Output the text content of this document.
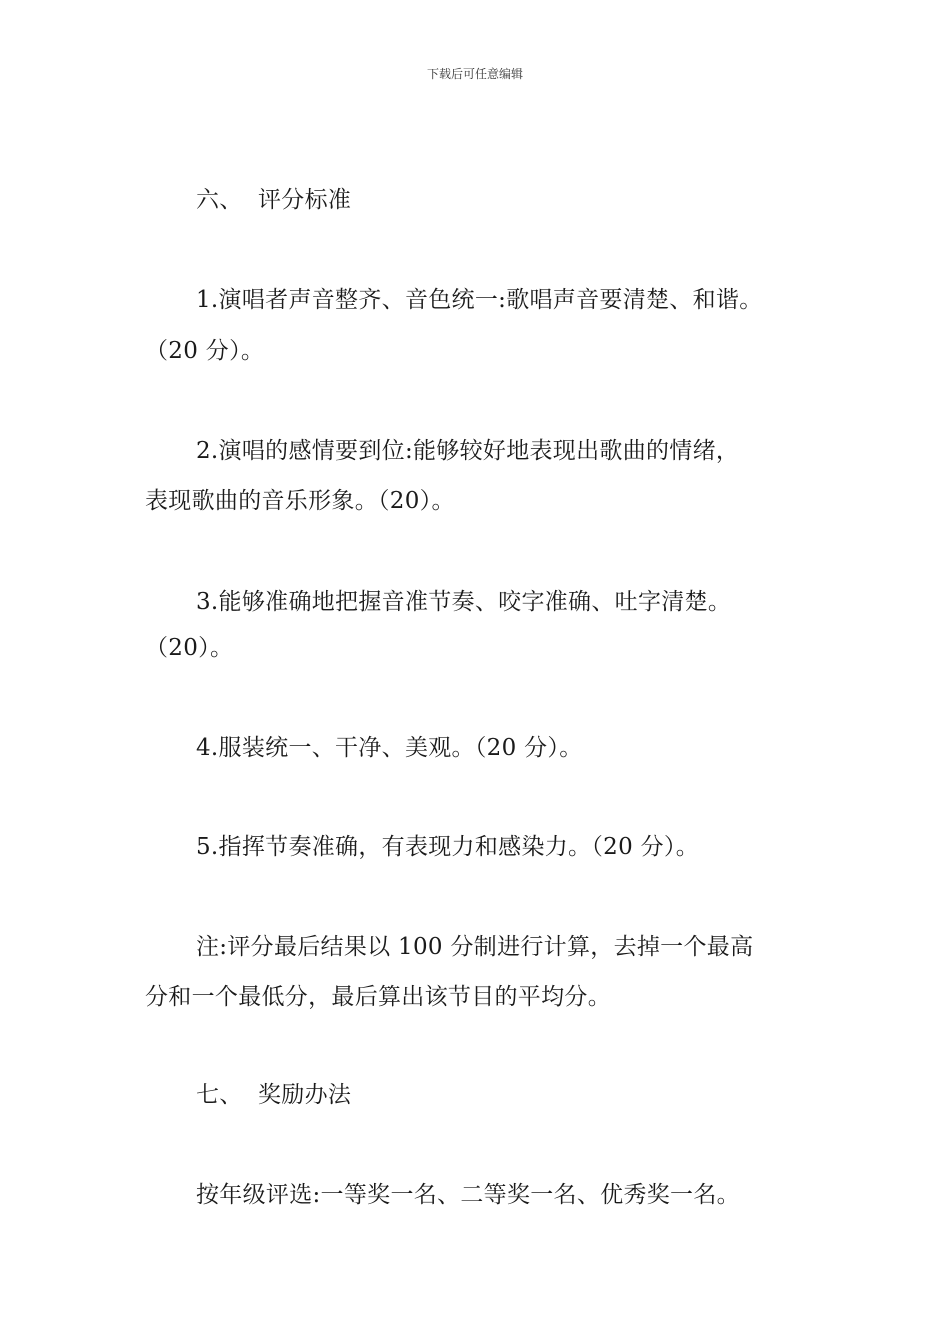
下载后可任意编辑
六、 评分标准
1.演唱者声音整齐、音色统一:歌唱声音要清楚、和谐。
（20 分）。
2.演唱的感情要到位:能够较好地表现出歌曲的情绪，
表现歌曲的音乐形象。（20）。
3.能够准确地把握音准节奏、咬字准确、吐字清楚。
（20）。
4.服装统一、干净、美观。（20 分）。
5.指挥节奏准确，有表现力和感染力。（20 分）。
注:评分最后结果以 100 分制进行计算，去掉一个最高
分和一个最低分，最后算出该节目的平均分。
七、 奖励办法
按年级评选:一等奖一名、二等奖一名、优秀奖一名。
